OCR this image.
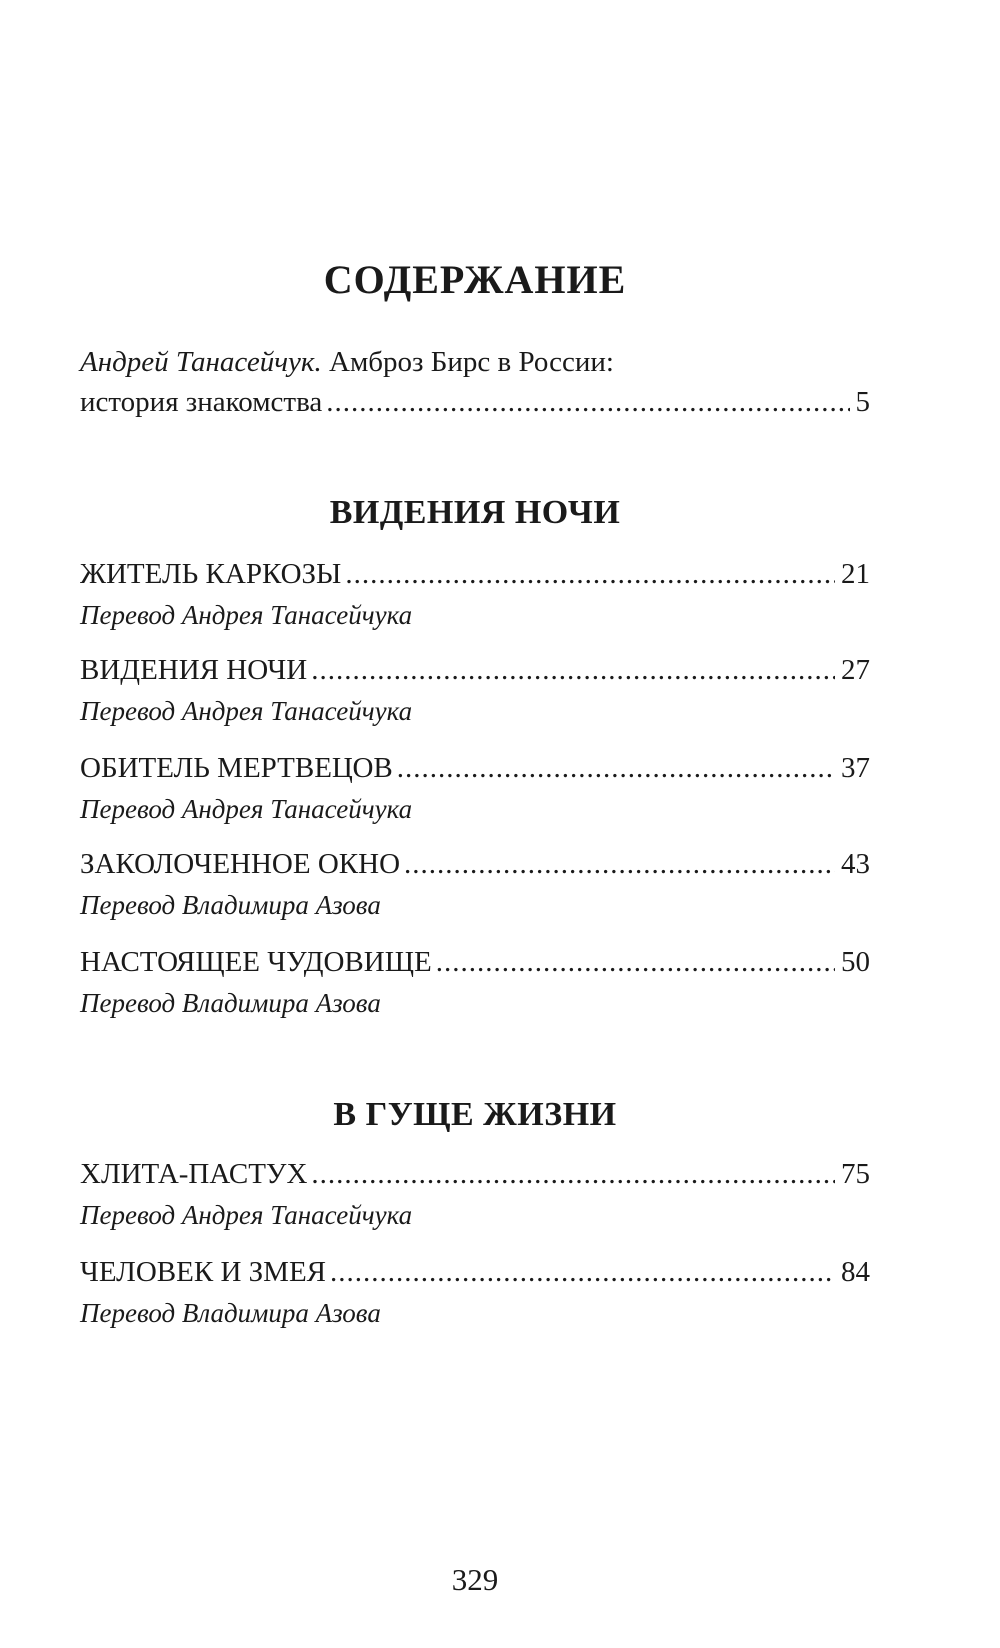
СОДЕРЖАНИЕ
Андрей Танасейчук. Амброз Бирс в России:
история знакомства .....	5
ВИДЕНИЯ НОЧИ
ЖИТЕЛЬ КАРКОЗЫ .....	21
Перевод Андрея Танасейчука
ВИДЕНИЯ НОЧИ .....	27
Перевод Андрея Танасейчука
ОБИТЕЛЬ МЕРТВЕЦОВ .....	37
Перевод Андрея Танасейчука
ЗАКОЛОЧЕННОЕ ОКНО .....	43
Перевод Владимира Азова
НАСТОЯЩЕЕ ЧУДОВИЩЕ .....	50
Перевод Владимира Азова
В ГУЩЕ ЖИЗНИ
ХЛИТА-ПАСТУХ .....	75
Перевод Андрея Танасейчука
ЧЕЛОВЕК И ЗМЕЯ .....	84
Перевод Владимира Азова
329
